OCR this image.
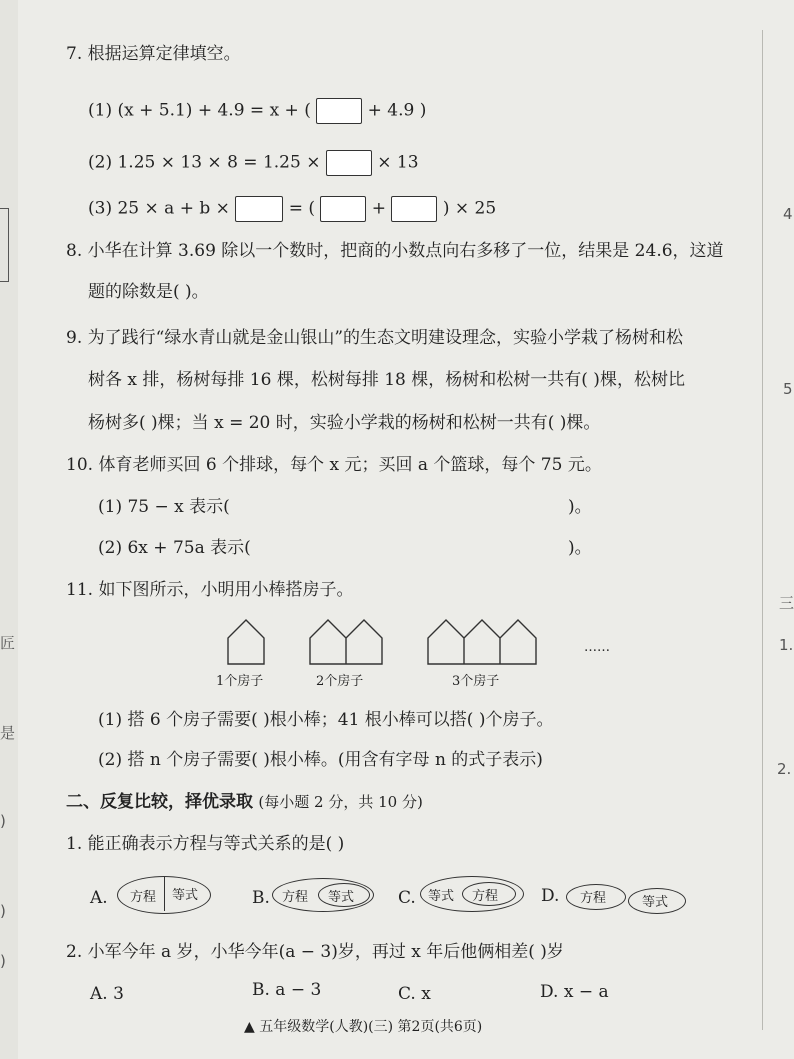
匠
是
)
)
)
4
5
三
1.
2.
7. 根据运算定律填空。
(1) (x + 5.1) + 4.9 = x + (	+ 4.9 )
(2) 1.25 × 13 × 8 = 1.25 ×	× 13
(3) 25 × a + b ×	= (	+	) × 25
8. 小华在计算 3.69 除以一个数时，把商的小数点向右多移了一位，结果是 24.6，这道
题的除数是( )。
9. 为了践行“绿水青山就是金山银山”的生态文明建设理念，实验小学栽了杨树和松
树各 x 排，杨树每排 16 棵，松树每排 18 棵，杨树和松树一共有( )棵，松树比
杨树多( )棵；当 x = 20 时，实验小学栽的杨树和松树一共有( )棵。
10. 体育老师买回 6 个排球，每个 x 元；买回 a 个篮球，每个 75 元。
(1) 75 − x 表示(	)。
(2) 6x + 75a 表示(	)。
11. 如下图所示，小明用小棒搭房子。
1个房子	2个房子	3个房子
……
(1) 搭 6 个房子需要( )根小棒；41 根小棒可以搭( )个房子。
(2) 搭 n 个房子需要( )根小棒。(用含有字母 n 的式子表示)
二、反复比较，择优录取 (每小题 2 分，共 10 分)
1. 能正确表示方程与等式关系的是( )
A. 方程 等式	B. 方程 等式	C. 等式 方程	D. 方程	等式
2. 小军今年 a 岁，小华今年(a − 3)岁，再过 x 年后他俩相差( )岁
A. 3	B. a − 3	C. x	D. x − a
▲ 五年级数学(人教)(三) 第2页(共6页)
